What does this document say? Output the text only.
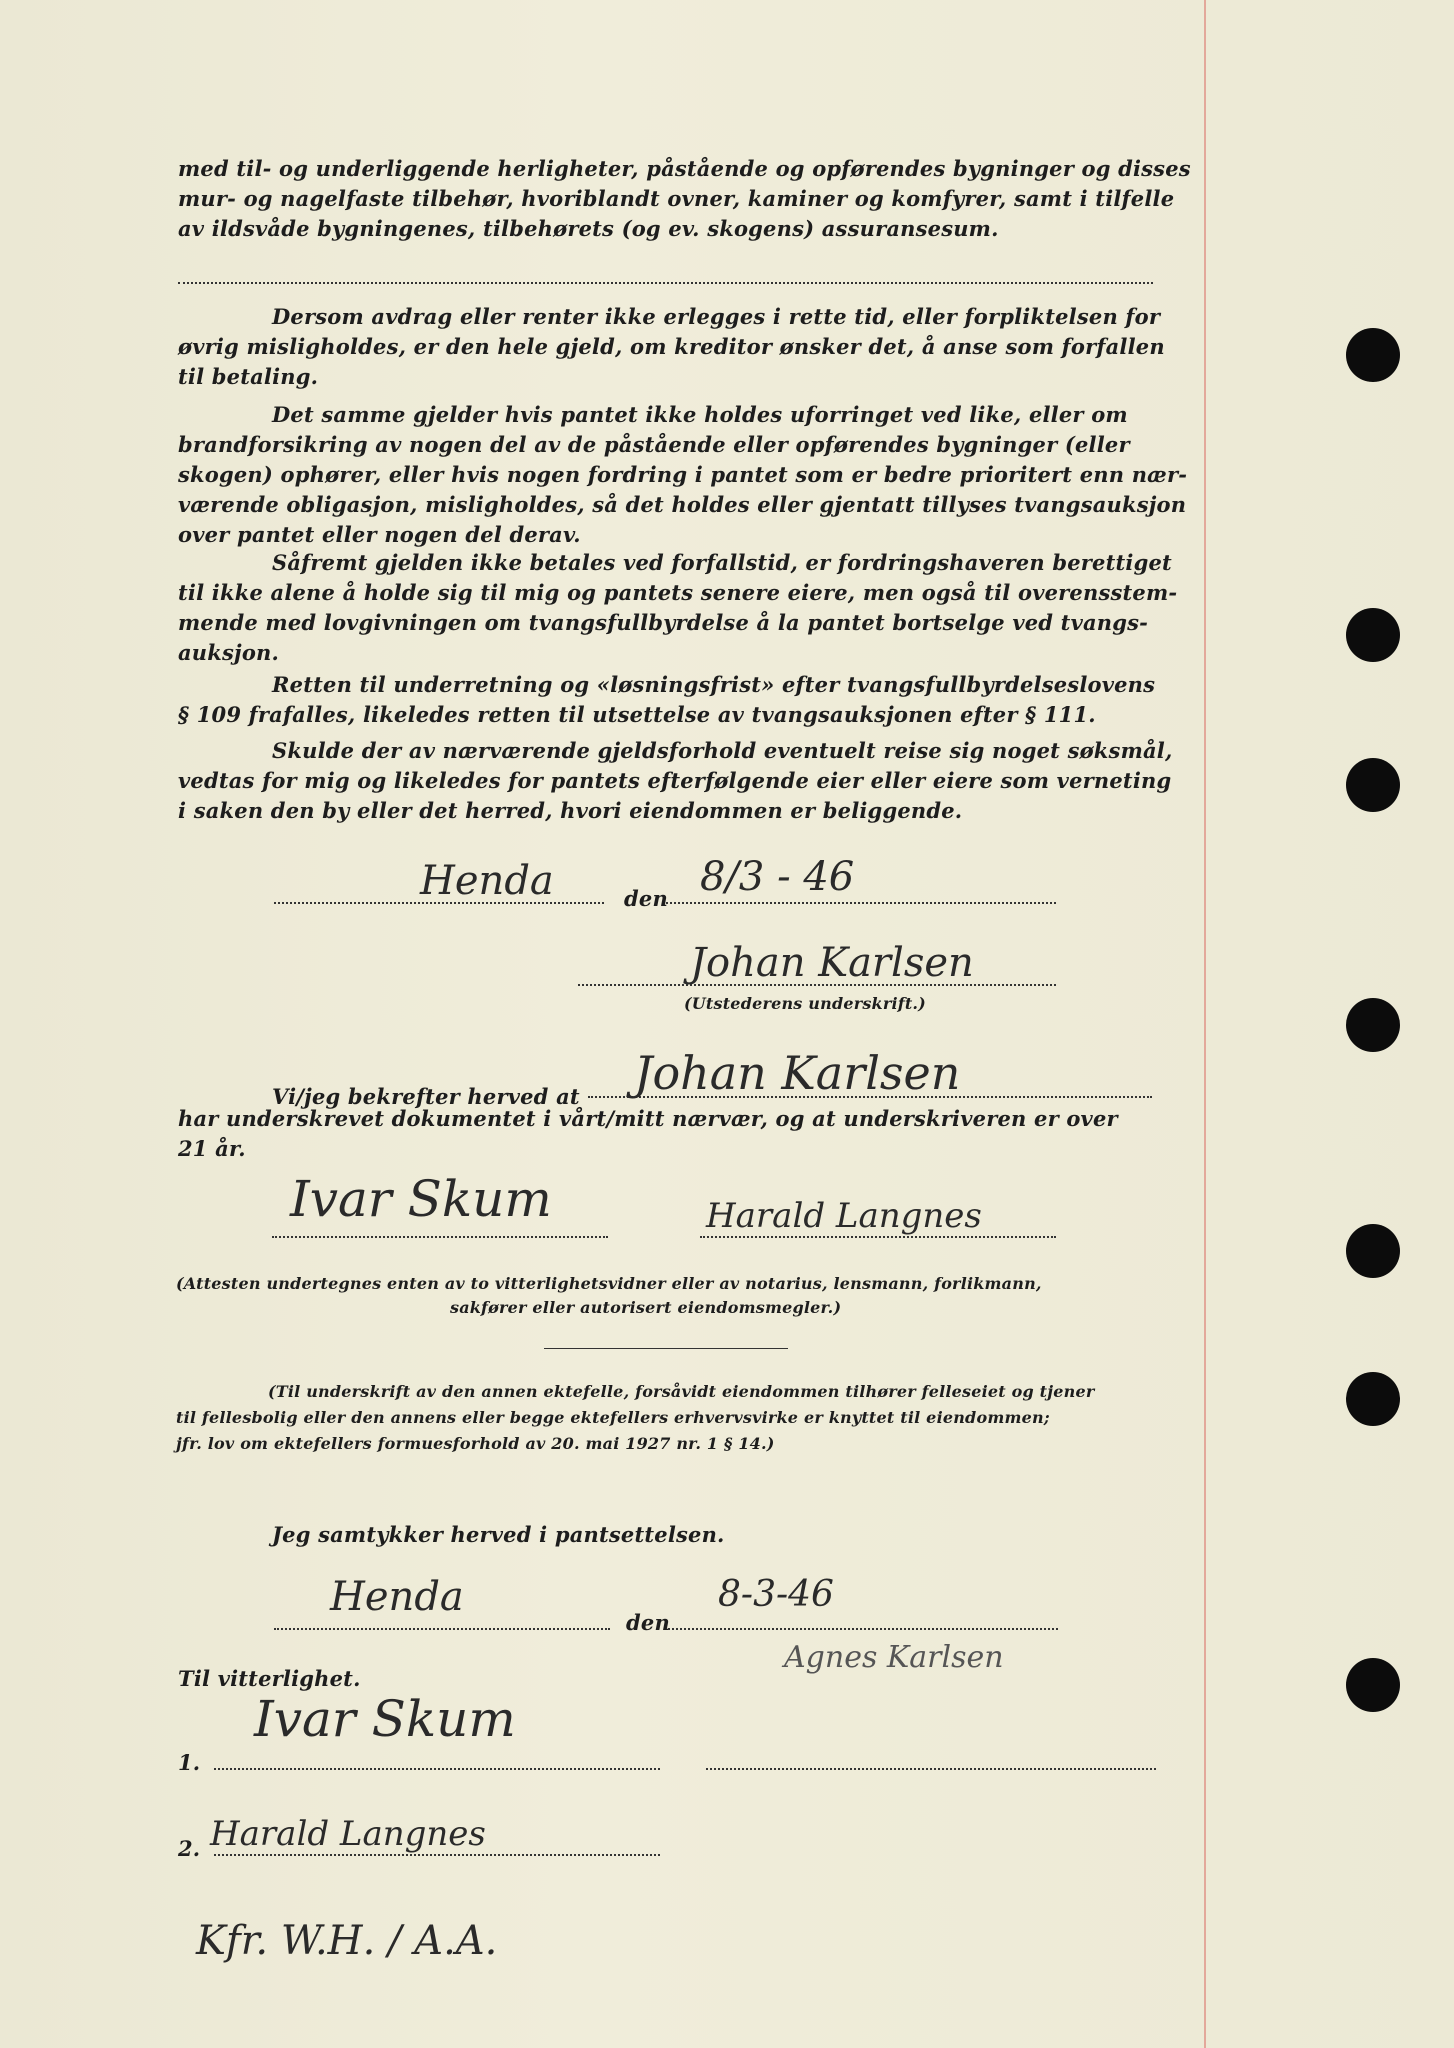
med til- og underliggende herligheter, påstående og opførendes bygninger og disses
mur- og nagelfaste tilbehør, hvoriblandt ovner, kaminer og komfyrer, samt i tilfelle
av ildsvåde bygningenes, tilbehørets (og ev. skogens) assuransesum.
Dersom avdrag eller renter ikke erlegges i rette tid, eller forpliktelsen for
øvrig misligholdes, er den hele gjeld, om kreditor ønsker det, å anse som forfallen
til betaling.
Det samme gjelder hvis pantet ikke holdes uforringet ved like, eller om
brandforsikring av nogen del av de påstående eller opførendes bygninger (eller
skogen) ophører, eller hvis nogen fordring i pantet som er bedre prioritert enn nær-
værende obligasjon, misligholdes, så det holdes eller gjentatt tillyses tvangsauksjon
over pantet eller nogen del derav.
Såfremt gjelden ikke betales ved forfallstid, er fordringshaveren berettiget
til ikke alene å holde sig til mig og pantets senere eiere, men også til overensstem-
mende med lovgivningen om tvangsfullbyrdelse å la pantet bortselge ved tvangs-
auksjon.
Retten til underretning og «løsningsfrist» efter tvangsfullbyrdelseslovens
§ 109 frafalles, likeledes retten til utsettelse av tvangsauksjonen efter § 111.
Skulde der av nærværende gjeldsforhold eventuelt reise sig noget søksmål,
vedtas for mig og likeledes for pantets efterfølgende eier eller eiere som verneting
i saken den by eller det herred, hvori eiendommen er beliggende.
Henda	den 8/3 - 46
Johan Karlsen
(Utstederens underskrift.)
Vi/jeg bekrefter herved at Johan Karlsen
har underskrevet dokumentet i vårt/mitt nærvær, og at underskriveren er over
21 år.
Ivar Skum	Harald Langnes
(Attesten undertegnes enten av to vitterlighetsvidner eller av notarius, lensmann, forlikmann,
sakfører eller autorisert eiendomsmegler.)
(Til underskrift av den annen ektefelle, forsåvidt eiendommen tilhører felleseiet og tjener
til fellesbolig eller den annens eller begge ektefellers erhvervsvirke er knyttet til eiendommen;
jfr. lov om ektefellers formuesforhold av 20. mai 1927 nr. 1 § 14.)
Jeg samtykker herved i pantsettelsen.
Henda
den
8-3-46
Agnes Karlsen
Til vitterlighet.
1.
Ivar Skum
2. Harald Langnes
Kfr. W.H. / A.A.
